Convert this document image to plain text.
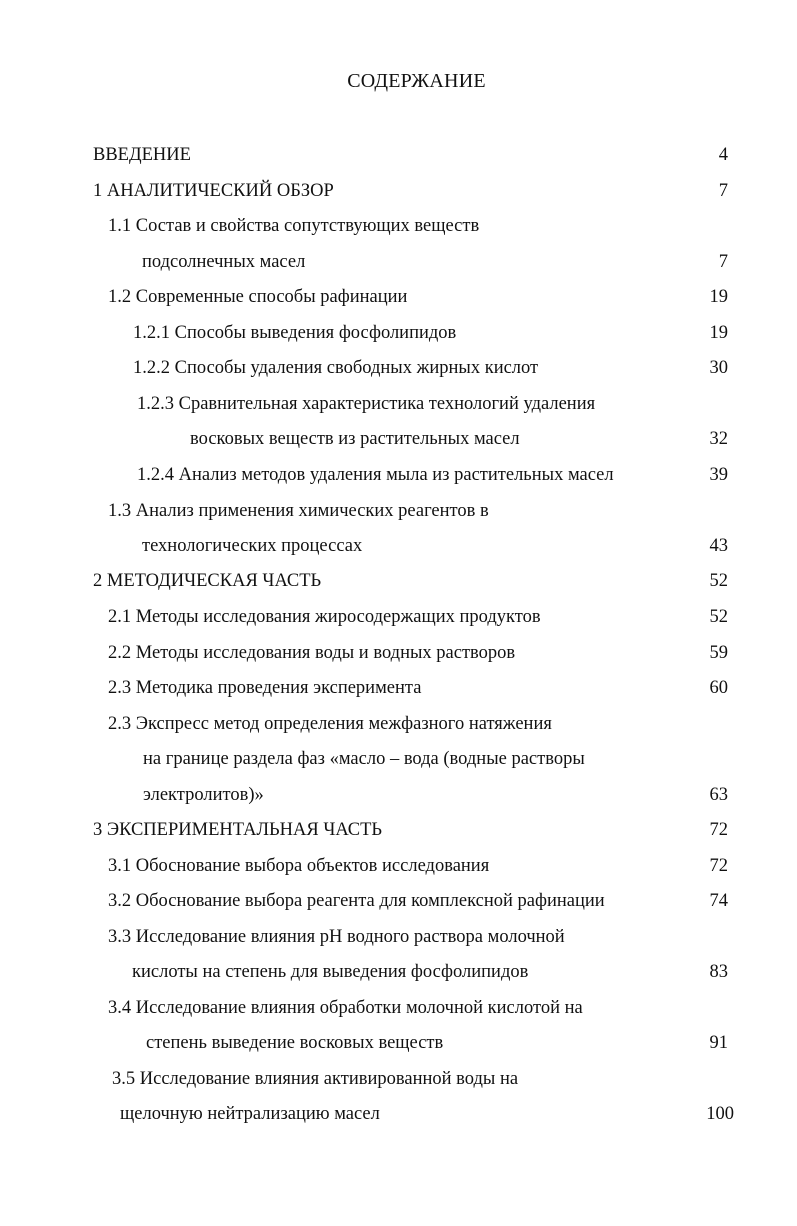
СОДЕРЖАНИЕ
ВВЕДЕНИЕ	4
1 АНАЛИТИЧЕСКИЙ ОБЗОР	7
1.1 Состав и свойства сопутствующих веществ
подсолнечных масел	7
1.2 Современные способы рафинации	19
1.2.1 Способы выведения фосфолипидов	19
1.2.2 Способы удаления свободных жирных кислот	30
1.2.3 Сравнительная характеристика технологий удаления
восковых веществ из растительных масел	32
1.2.4 Анализ методов удаления мыла из растительных масел	39
1.3 Анализ применения химических реагентов в
технологических процессах	43
2 МЕТОДИЧЕСКАЯ ЧАСТЬ	52
2.1 Методы исследования жиросодержащих продуктов	52
2.2 Методы исследования воды и водных растворов	59
2.3 Методика проведения эксперимента	60
2.3 Экспресс метод определения межфазного натяжения
на границе раздела фаз «масло – вода (водные растворы
электролитов)»	63
3 ЭКСПЕРИМЕНТАЛЬНАЯ ЧАСТЬ	72
3.1 Обоснование выбора объектов исследования	72
3.2 Обоснование выбора реагента для комплексной рафинации	74
3.3 Исследование влияния pH водного раствора молочной
кислоты на степень для выведения фосфолипидов	83
3.4 Исследование влияния обработки молочной кислотой на
степень выведение восковых веществ	91
3.5 Исследование влияния активированной воды на
щелочную нейтрализацию масел	100
